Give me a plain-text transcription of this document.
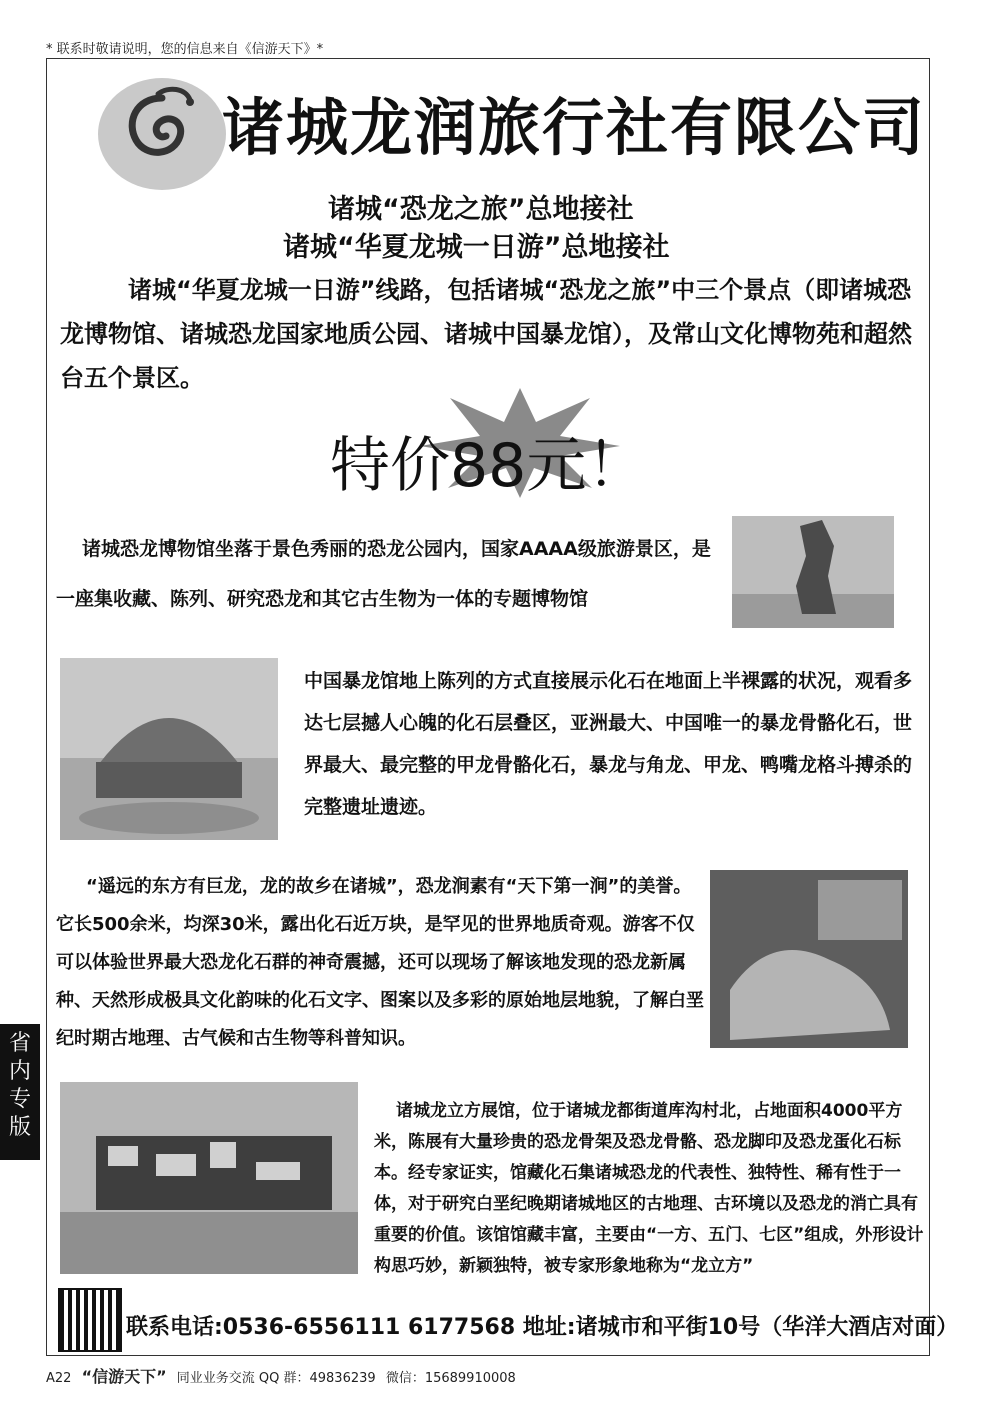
* 联系时敬请说明，您的信息来自《信游天下》*
诸城龙润旅行社有限公司
诸城“恐龙之旅”总地接社
诸城“华夏龙城一日游”总地接社
诸城“华夏龙城一日游”线路，包括诸城“恐龙之旅”中三个景点（即诸城恐龙博物馆、诸城恐龙国家地质公园、诸城中国暴龙馆），及常山文化博物苑和超然台五个景区。
特价88元！
诸城恐龙博物馆坐落于景色秀丽的恐龙公园内，国家AAAA级旅游景区，是一座集收藏、陈列、研究恐龙和其它古生物为一体的专题博物馆
中国暴龙馆地上陈列的方式直接展示化石在地面上半裸露的状况，观看多达七层撼人心魄的化石层叠区，亚洲最大、中国唯一的暴龙骨骼化石，世界最大、最完整的甲龙骨骼化石，暴龙与角龙、甲龙、鸭嘴龙格斗搏杀的完整遗址遗迹。
“遥远的东方有巨龙，龙的故乡在诸城”，恐龙涧素有“天下第一涧”的美誉。它长500余米，均深30米，露出化石近万块，是罕见的世界地质奇观。游客不仅可以体验世界最大恐龙化石群的神奇震撼，还可以现场了解该地发现的恐龙新属种、天然形成极具文化韵味的化石文字、图案以及多彩的原始地层地貌，了解白垩纪时期古地理、古气候和古生物等科普知识。
诸城龙立方展馆，位于诸城龙都街道库沟村北，占地面积4000平方米，陈展有大量珍贵的恐龙骨架及恐龙骨骼、恐龙脚印及恐龙蛋化石标本。经专家证实，馆藏化石集诸城恐龙的代表性、独特性、稀有性于一体，对于研究白垩纪晚期诸城地区的古地理、古环境以及恐龙的消亡具有重要的价值。该馆馆藏丰富，主要由“一方、五门、七区”组成，外形设计构思巧妙，新颖独特，被专家形象地称为“龙立方”
联系电话:0536-6556111 6177568 地址:诸城市和平街10号（华洋大酒店对面）
省内专版
A22 “信游天下” 同业业务交流 QQ 群：49836239 微信：15689910008
